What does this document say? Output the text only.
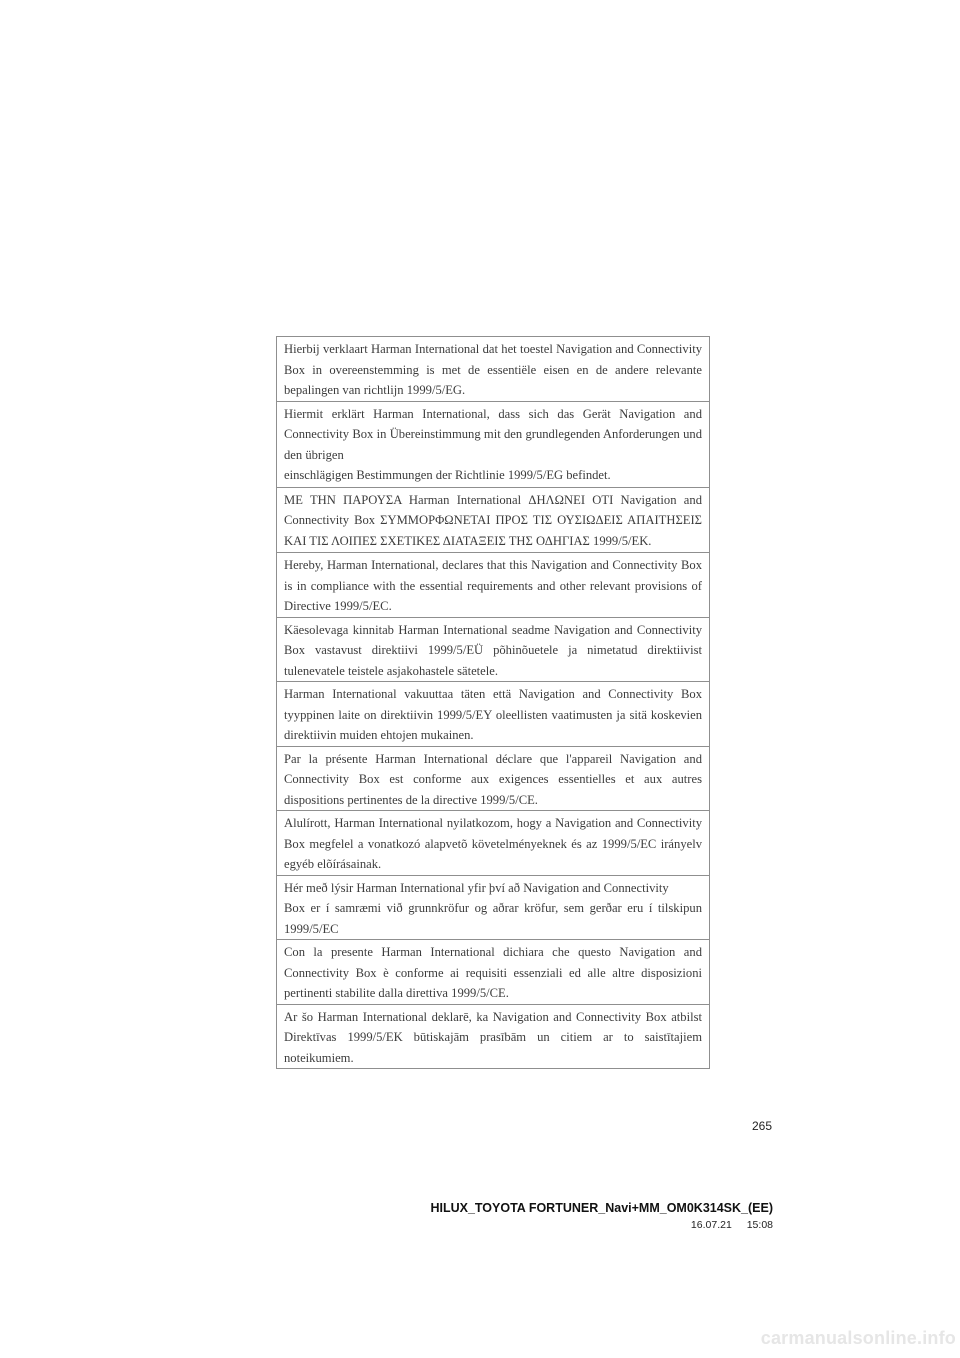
Hierbij verklaart Harman International dat het toestel Navigation and Connectivity Box in overeenstemming is met de essentiële eisen en de andere relevante bepalingen van richtlijn 1999/5/EG.
Hiermit erklärt Harman International, dass sich das Gerät Navigation and Connectivity Box in Übereinstimmung mit den grundlegenden Anforderungen und den übrigen
einschlägigen Bestimmungen der Richtlinie 1999/5/EG befindet.
ΜΕ ΤΗΝ ΠΑΡΟΥΣΑ Harman International ΔΗΛΩΝΕΙ ΟΤΙ Navigation and Connectivity Box ΣΥΜΜΟΡΦΩΝΕΤΑΙ ΠΡΟΣ ΤΙΣ ΟΥΣΙΩΔΕΙΣ ΑΠΑΙΤΗΣΕΙΣ ΚΑΙ ΤΙΣ ΛΟΙΠΕΣ ΣΧΕΤΙΚΕΣ ΔΙΑΤΑΞΕΙΣ ΤΗΣ ΟΔΗΓΙΑΣ 1999/5/ΕΚ.
Hereby, Harman International, declares that this Navigation and Connectivity Box is in compliance with the essential requirements and other relevant provisions of Directive 1999/5/EC.
Käesolevaga kinnitab Harman International seadme Navigation and Connectivity Box vastavust direktiivi 1999/5/EÜ põhinõuetele ja nimetatud direktiivist tulenevatele teistele asjakohastele sätetele.
Harman International vakuuttaa täten että Navigation and Connectivity Box tyyppinen laite on direktiivin 1999/5/EY oleellisten vaatimusten ja sitä koskevien direktiivin muiden ehtojen mukainen.
Par la présente Harman International déclare que l'appareil Navigation and Connectivity Box est conforme aux exigences essentielles et aux autres dispositions pertinentes de la directive 1999/5/CE.
Alulírott, Harman International nyilatkozom, hogy a Navigation and Connectivity Box megfelel a vonatkozó alapvetõ követelményeknek és az 1999/5/EC irányelv egyéb elõírásainak.
Hér með lýsir Harman International yfir því að Navigation and Connectivity
Box er í samræmi við grunnkröfur og aðrar kröfur, sem gerðar eru í tilskipun 1999/5/EC
Con la presente Harman International dichiara che questo Navigation and Connectivity Box è conforme ai requisiti essenziali ed alle altre disposizioni pertinenti stabilite dalla direttiva 1999/5/CE.
Ar šo Harman International deklarē, ka Navigation and Connectivity Box atbilst Direktīvas 1999/5/EK būtiskajām prasībām un citiem ar to saistītajiem noteikumiem.
265
HILUX_TOYOTA FORTUNER_Navi+MM_OM0K314SK_(EE)
16.07.21 15:08
carmanualsonline.info
